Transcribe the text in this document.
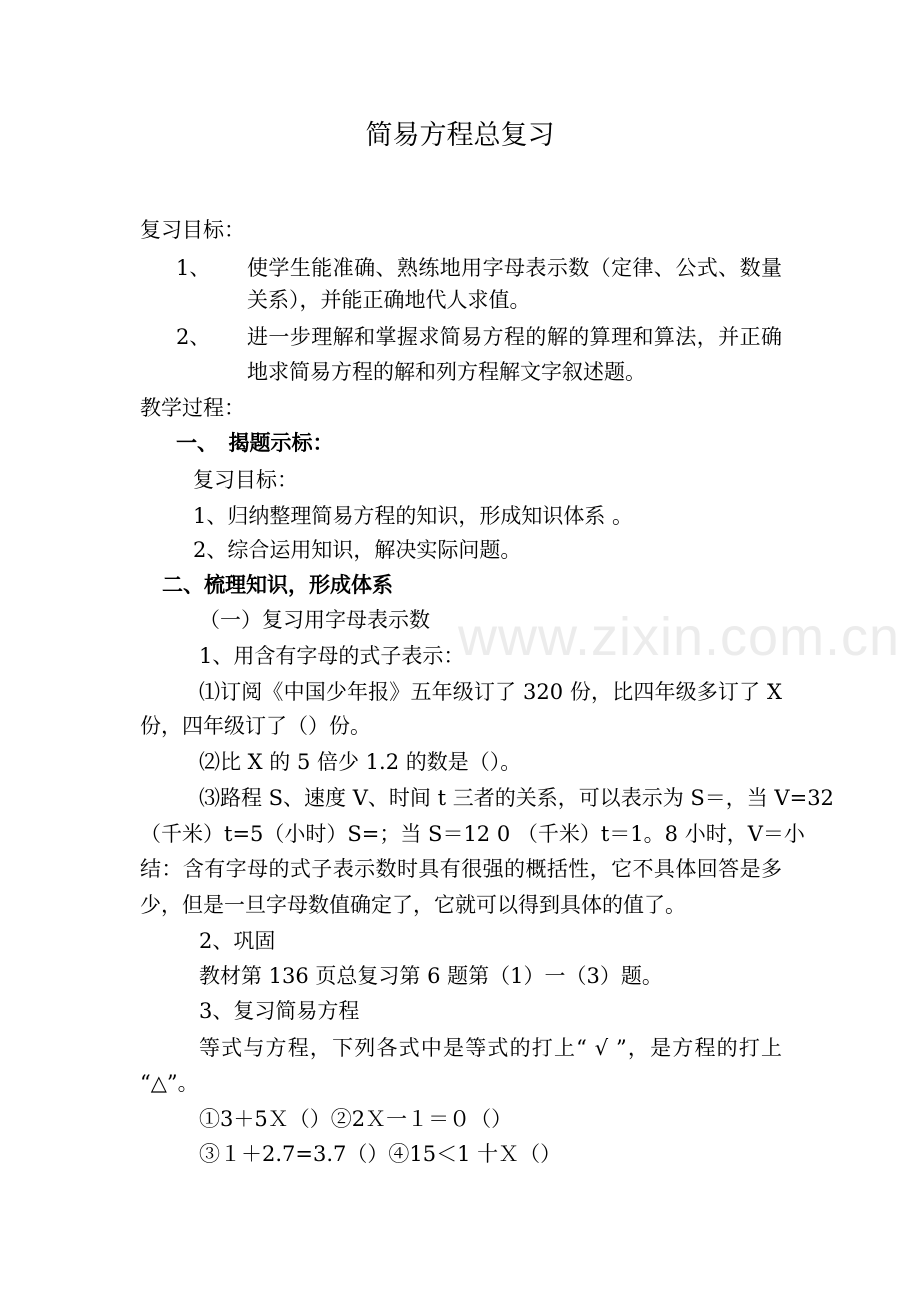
www.zixin.com.cn
简易方程总复习
复习目标：
1、 使学生能准确、熟练地用字母表示数（定律、公式、数量
关系），并能正确地代人求值。
2、 进一步理解和掌握求简易方程的解的算理和算法，并正确
地求简易方程的解和列方程解文字叙述题。
教学过程：
一、　揭题示标：
复习目标：
1、归纳整理简易方程的知识，形成知识体系 。
2、综合运用知识，解决实际问题。
二、梳理知识，形成体系
（一）复习用字母表示数
1、用含有字母的式子表示：
⑴订阅《中国少年报》五年级订了 320 份，比四年级多订了 X
份，四年级订了（）份。
⑵比 X 的 5 倍少 1.2 的数是（）。
⑶路程 S、速度 V、时间 t 三者的关系，可以表示为 S＝，当 V=32
（千米）t=5（小时）S=；当 S＝12 0 （千米）t＝1。8 小时，V＝小
结：含有字母的式子表示数时具有很强的概括性，它不具体回答是多
少，但是一旦字母数值确定了，它就可以得到具体的值了。
2、巩固
教材第 136 页总复习第 6 题第（1）一（3）题。
3、复习简易方程
等式与方程，下列各式中是等式的打上“ √ ”，是方程的打上
“△”。
①3＋5Ｘ（）②2Ｘ一１＝０（）
③１＋2.7=3.7（）④15＜1 十Ｘ（）
